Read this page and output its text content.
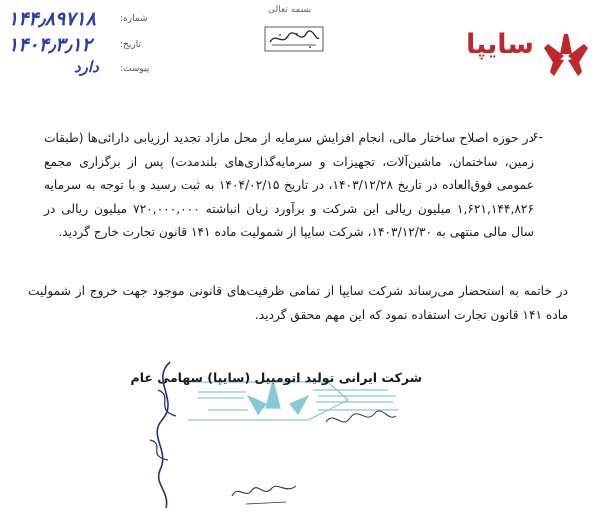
بسمه تعالی
۱۴۴٫۸۹۷۱۸
۱۴۰۴٫۳٫۱۲
دارد
شماره:
تاریخ:
پیوست:
سایپا
۶-
در حوزه اصلاح ساختار مالی، انجام افزایش سرمایه از محل مازاد تجدید ارزیابی دارائی‌ها (طبقات زمین، ساختمان، ماشین‌آلات، تجهیزات و سرمایه‌گذاری‌های بلندمدت) پس از برگزاری مجمع عمومی فوق‌العاده در تاریخ ۱۴۰۳/۱۲/۲۸، در تاریخ ۱۴۰۴/۰۲/۱۵ به ثبت رسید و با توجه به سرمایه ۱,۶۲۱,۱۴۴,۸۲۶ میلیون ریالی این شرکت و برآورد زیان انباشته ۷۲۰,۰۰۰,۰۰۰ میلیون ریالی در سال مالی منتهی به ۱۴۰۳/۱۲/۳۰، شرکت سایپا از شمولیت ماده ۱۴۱ قانون تجارت خارج گردید.
در خاتمه به استحضار می‌رساند شرکت سایپا از تمامی ظرفیت‌های قانونی موجود جهت خروج از شمولیت ماده ۱۴۱ قانون تجارت استفاده نمود که این مهم محقق گردید.
شرکت ایرانی تولید اتومبیل (سایپا) سهامی عام
